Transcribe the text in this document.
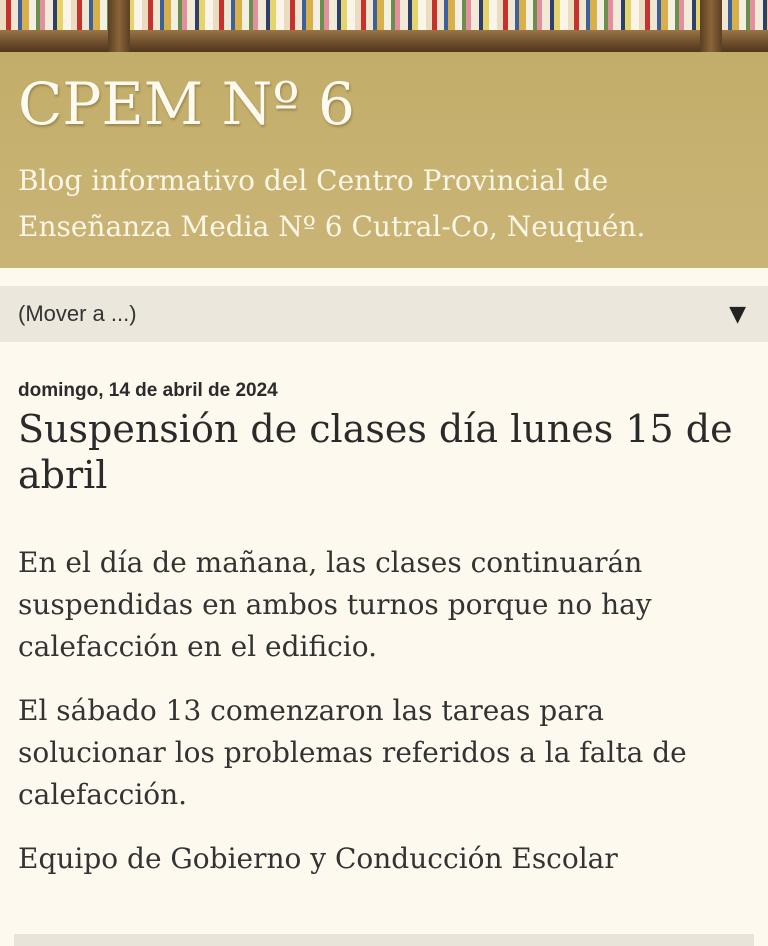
CPEM Nº 6

Blog informativo del Centro Provincial de Enseñanza Media Nº 6 Cutral-Co, Neuquén.

(Mover a ...)	▼
domingo, 14 de abril de 2024
Suspensión de clases día lunes 15 de abril

En el día de mañana, las clases continuarán suspendidas en ambos turnos porque no hay calefacción en el edificio.

El sábado 13 comenzaron las tareas para solucionar los problemas referidos a la falta de calefacción.

Equipo de Gobierno y Conducción Escolar
